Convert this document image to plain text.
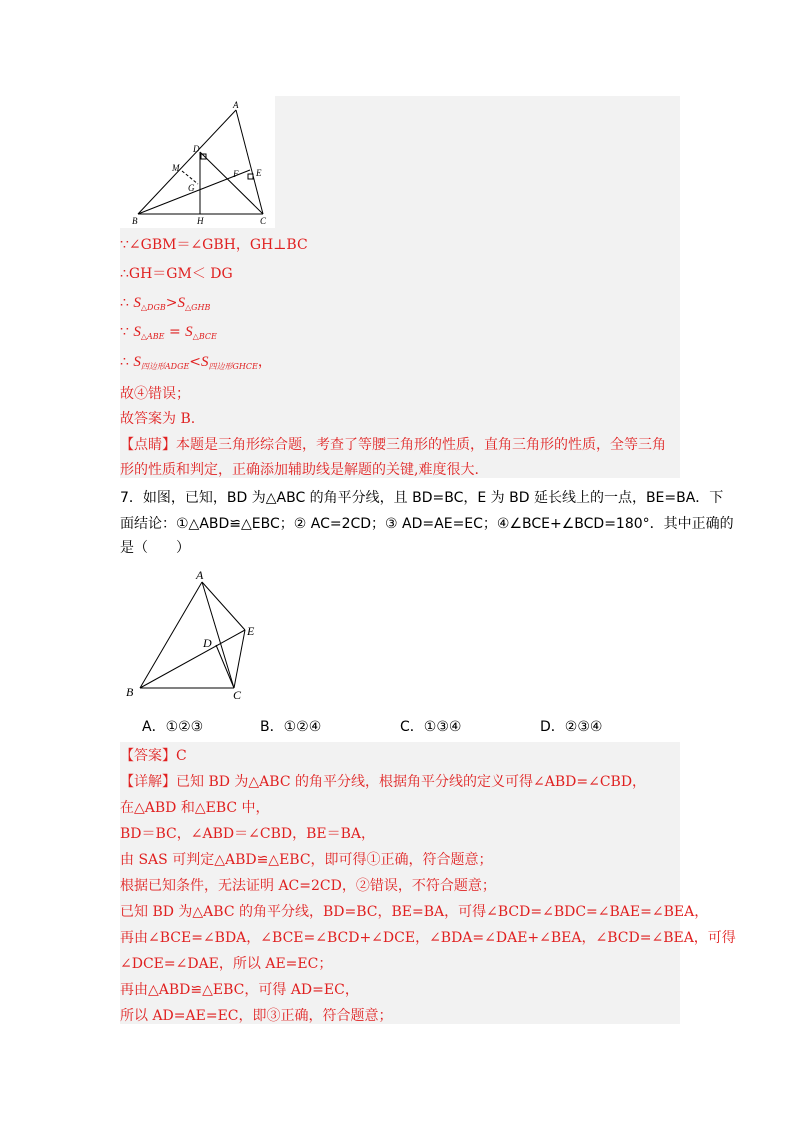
A
D
M
G
F E
B	H	C
∵∠GBM＝∠GBH，GH⊥BC
∴GH＝GM＜ DG
∴ $S_{\triangle DGB}>S_{\triangle GHB}$
∵ $S_{\triangle ABE} = S_{\triangle BCE}$
∴ $S_{四边形ADGE}<S_{四边形GHCE}$，
故④错误；
故答案为 B.
【点睛】本题是三角形综合题，考查了等腰三角形的性质，直角三角形的性质，全等三角
形的性质和判定，正确添加辅助线是解题的关键,难度很大.
7．如图，已知，BD 为△ABC 的角平分线，且 BD=BC，E 为 BD 延长线上的一点，BE=BA．下
面结论：①△ABD≌△EBC；② AC=2CD；③ AD=AE=EC；④∠BCE+∠BCD=180°．其中正确的
是（　　）
A
D
E
B	C
A．①②③	B．①②④	C．①③④	D．②③④
【答案】C
【详解】已知 BD 为△ABC 的角平分线，根据角平分线的定义可得∠ABD=∠CBD，
在△ABD 和△EBC 中，
BD＝BC，∠ABD＝∠CBD，BE＝BA，
由 SAS 可判定△ABD≌△EBC，即可得①正确，符合题意；
根据已知条件，无法证明 AC=2CD，②错误，不符合题意；
已知 BD 为△ABC 的角平分线，BD=BC，BE=BA，可得∠BCD=∠BDC=∠BAE=∠BEA，
再由∠BCE=∠BDA，∠BCE=∠BCD+∠DCE，∠BDA=∠DAE+∠BEA，∠BCD=∠BEA，可得
∠DCE=∠DAE，所以 AE=EC；
再由△ABD≌△EBC，可得 AD=EC，
所以 AD=AE=EC，即③正确，符合题意；
